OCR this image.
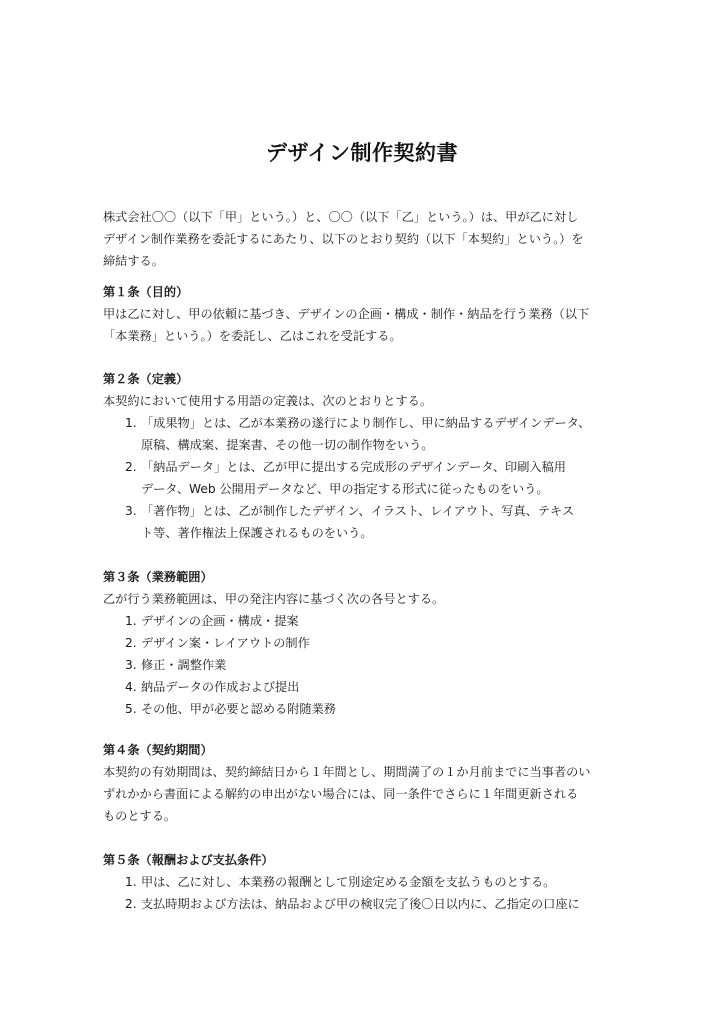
デザイン制作契約書
株式会社〇〇（以下「甲」という。）と、〇〇（以下「乙」という。）は、甲が乙に対し
デザイン制作業務を委託するにあたり、以下のとおり契約（以下「本契約」という。）を
締結する。
第１条（目的）
甲は乙に対し、甲の依頼に基づき、デザインの企画・構成・制作・納品を行う業務（以下
「本業務」という。）を委託し、乙はこれを受託する。
第２条（定義）
本契約において使用する用語の定義は、次のとおりとする。
1. 「成果物」とは、乙が本業務の遂行により制作し、甲に納品するデザインデータ、
原稿、構成案、提案書、その他一切の制作物をいう。
2. 「納品データ」とは、乙が甲に提出する完成形のデザインデータ、印刷入稿用
データ、Web 公開用データなど、甲の指定する形式に従ったものをいう。
3. 「著作物」とは、乙が制作したデザイン、イラスト、レイアウト、写真、テキス
ト等、著作権法上保護されるものをいう。
第３条（業務範囲）
乙が行う業務範囲は、甲の発注内容に基づく次の各号とする。
1. デザインの企画・構成・提案
2. デザイン案・レイアウトの制作
3. 修正・調整作業
4. 納品データの作成および提出
5. その他、甲が必要と認める附随業務
第４条（契約期間）
本契約の有効期間は、契約締結日から１年間とし、期間満了の１か月前までに当事者のい
ずれかから書面による解約の申出がない場合には、同一条件でさらに１年間更新される
ものとする。
第５条（報酬および支払条件）
1. 甲は、乙に対し、本業務の報酬として別途定める金額を支払うものとする。
2. 支払時期および方法は、納品および甲の検収完了後〇日以内に、乙指定の口座に
